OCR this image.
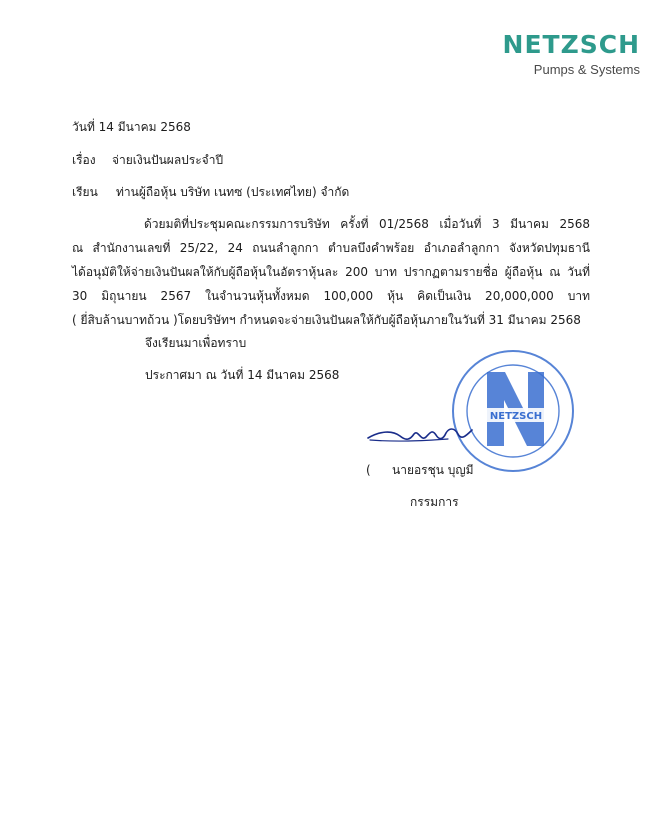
NETZSCH
Pumps & Systems
วันที่ 14 มีนาคม 2568
เรื่อง จ่ายเงินปันผลประจำปี
เรียน ท่านผู้ถือหุ้น บริษัท เนทซ (ประเทศไทย) จำกัด
ด้วยมติที่ประชุมคณะกรรมการบริษัท ครั้งที่ 01/2568 เมื่อวันที่ 3 มีนาคม 2568
ณ สำนักงานเลขที่ 25/22, 24 ถนนลำลูกกา ตำบลบึงคำพร้อย อำเภอลำลูกกา จังหวัดปทุมธานี
ได้อนุมัติให้จ่ายเงินปันผลให้กับผู้ถือหุ้นในอัตราหุ้นละ 200 บาท ปรากฏตามรายชื่อ ผู้ถือหุ้น ณ วันที่
30 มิถุนายน 2567 ในจำนวนหุ้นทั้งหมด 100,000 หุ้น คิดเป็นเงิน 20,000,000 บาท
( ยี่สิบล้านบาทถ้วน )โดยบริษัทฯ กำหนดจะจ่ายเงินปันผลให้กับผู้ถือหุ้นภายในวันที่ 31 มีนาคม 2568
จึงเรียนมาเพื่อทราบ
ประกาศมา ณ วันที่ 14 มีนาคม 2568
NETZSCH
( นายอรชุน บุญมี
กรรมการ
